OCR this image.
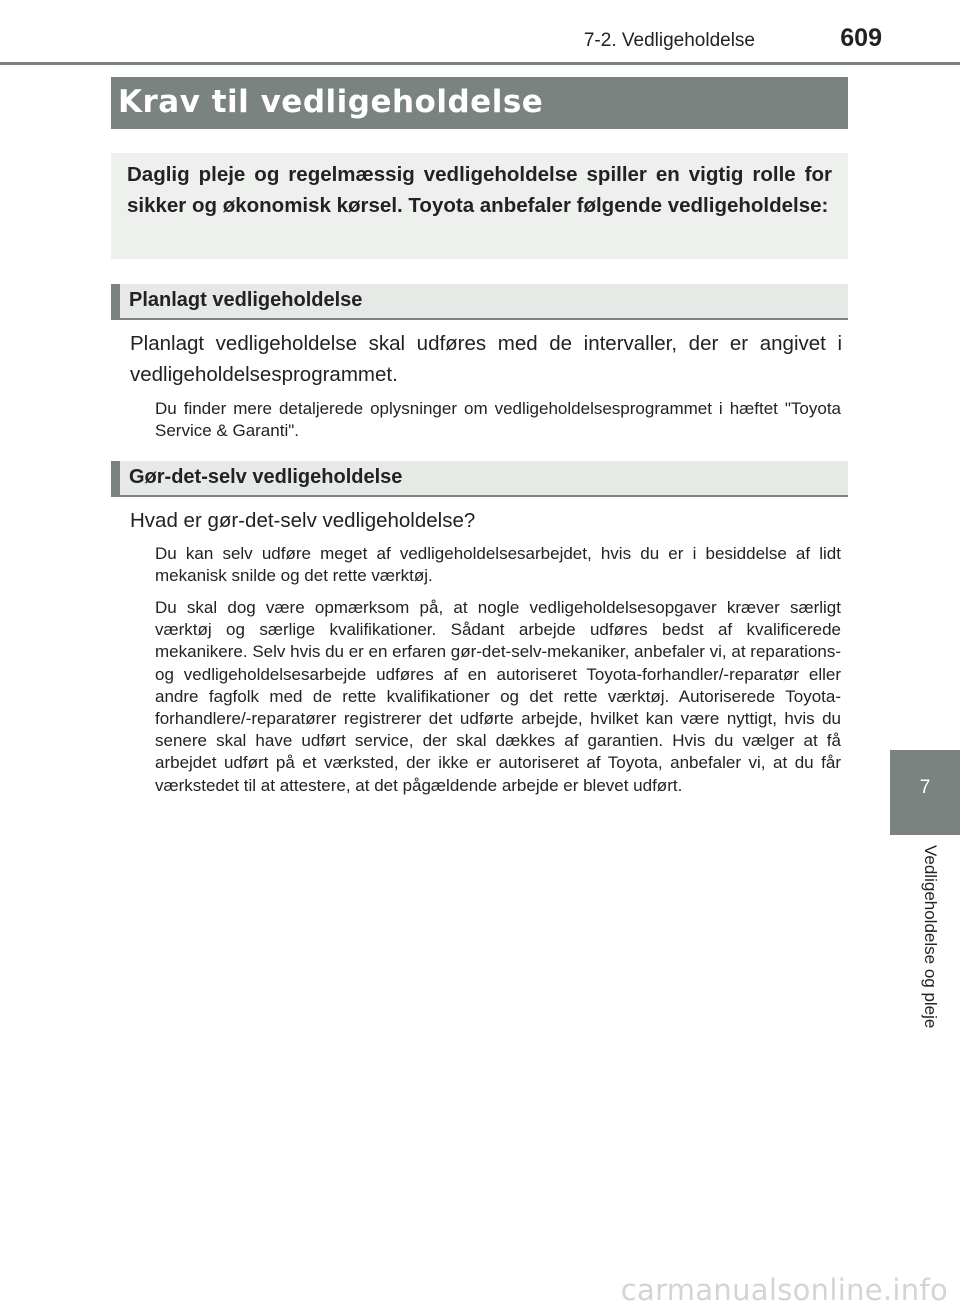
7-2. Vedligeholdelse	609
Krav til vedligeholdelse

Daglig pleje og regelmæssig vedligeholdelse spiller en vigtig rolle for sikker og økonomisk kørsel. Toyota anbefaler følgende vedligeholdelse:

Planlagt vedligeholdelse

Planlagt vedligeholdelse skal udføres med de intervaller, der er angivet i vedligeholdelsesprogrammet.

Du finder mere detaljerede oplysninger om vedligeholdelsesprogrammet i hæftet "Toyota Service & Garanti".

Gør-det-selv vedligeholdelse

Hvad er gør-det-selv vedligeholdelse?

Du kan selv udføre meget af vedligeholdelsesarbejdet, hvis du er i besiddelse af lidt mekanisk snilde og det rette værktøj.

Du skal dog være opmærksom på, at nogle vedligeholdelsesopgaver kræver særligt værktøj og særlige kvalifikationer. Sådant arbejde udføres bedst af kvalificerede mekanikere. Selv hvis du er en erfaren gør-det-selv-mekaniker, anbefaler vi, at reparations- og vedligeholdelsesarbejde udføres af en autoriseret Toyota-forhandler/-reparatør eller andre fagfolk med de rette kvalifikationer og det rette værktøj. Autoriserede Toyota-forhandlere/-reparatører registrerer det udførte arbejde, hvilket kan være nyttigt, hvis du senere skal have udført service, der skal dækkes af garantien. Hvis du vælger at få arbejdet udført på et værksted, der ikke er autoriseret af Toyota, anbefaler vi, at du får værkstedet til at attestere, at det pågældende arbejde er blevet udført.	7
Vedligeholdelse og pleje
carmanualsonline.info
